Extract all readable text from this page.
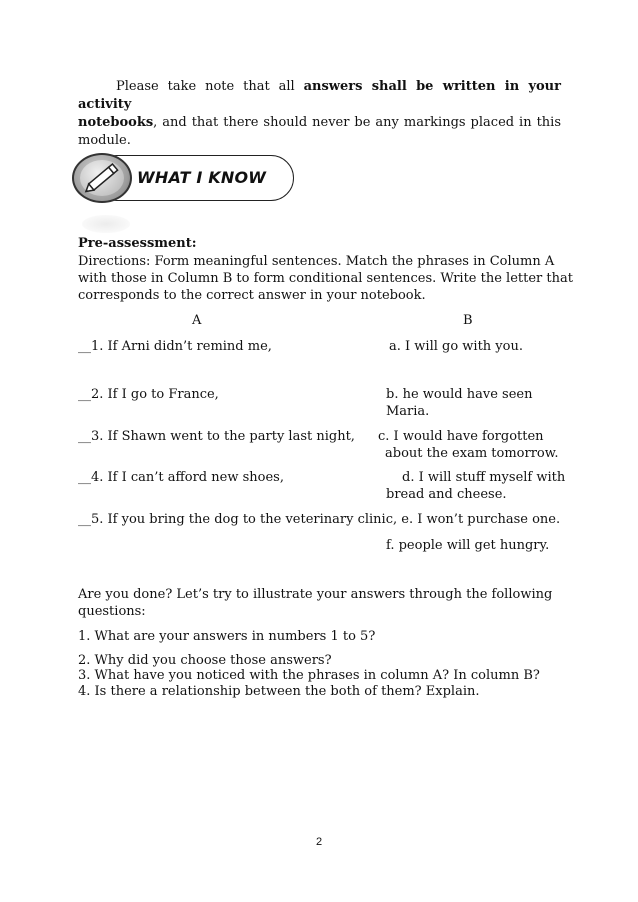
Please take note that all answers shall be written in your activity
notebooks, and that there should never be any markings placed in this
module.
WHAT I KNOW
Pre-assessment:
Directions: Form meaningful sentences. Match the phrases in Column A
with those in Column B to form conditional sentences. Write the letter that
corresponds to the correct answer in your notebook.
A	B
__1. If Arni didn’t remind me,
__2. If I go to France,
__3. If Shawn went to the party last night,
__4. If I can’t afford new shoes,
__5. If you bring the dog to the veterinary clinic, e. I won’t purchase one.
a. I will go with you.
b. he would have seen
Maria.
c. I would have forgotten
about the exam tomorrow.
d. I will stuff myself with
bread and cheese.
f. people will get hungry.
Are you done? Let’s try to illustrate your answers through the following
questions:
1. What are your answers in numbers 1 to 5?
2. Why did you choose those answers?
3. What have you noticed with the phrases in column A? In column B?
4. Is there a relationship between the both of them? Explain.
2
